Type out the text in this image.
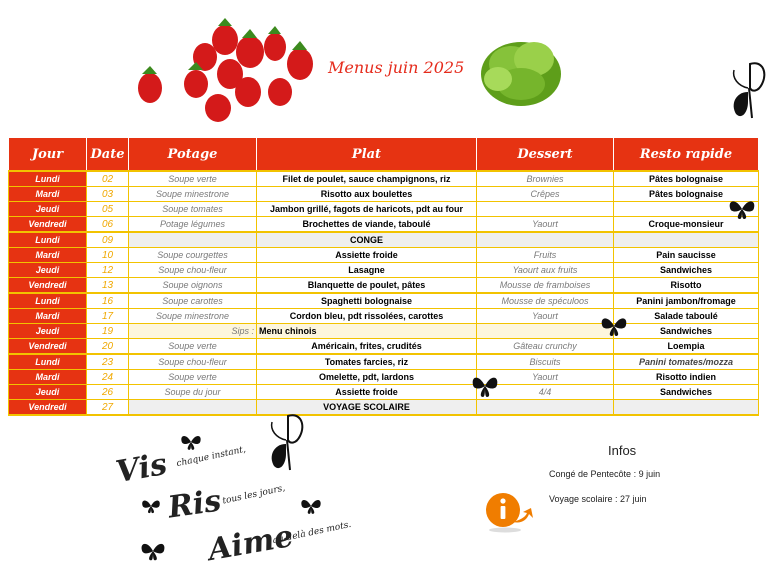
Menus juin 2025
Jour	Date	Potage	Plat	Dessert	Resto rapide
Lundi	02	Soupe verte	Filet de poulet, sauce champignons, riz	Brownies	Pâtes bolognaise
Mardi	03	Soupe minestrone	Risotto aux boulettes	Crêpes	Pâtes bolognaise
Jeudi	05	Soupe tomates	Jambon grillé, fagots de haricots, pdt au four		
Vendredi	06	Potage légumes	Brochettes de viande, taboulé	Yaourt	Croque-monsieur
Lundi	09		CONGE		
Mardi	10	Soupe courgettes	Assiette froide	Fruits	Pain saucisse
Jeudi	12	Soupe chou-fleur	Lasagne	Yaourt aux fruits	Sandwiches
Vendredi	13	Soupe oignons	Blanquette de poulet, pâtes	Mousse de framboises	Risotto
Lundi	16	Soupe carottes	Spaghetti bolognaise	Mousse de spéculoos	Panini jambon/fromage
Mardi	17	Soupe minestrone	Cordon bleu, pdt rissolées, carottes	Yaourt	Salade taboulé
Jeudi	19	Sips :	Menu chinois		Sandwiches
Vendredi	20	Soupe verte	Américain, frites, crudités	Gâteau crunchy	Loempia
Lundi	23	Soupe chou-fleur	Tomates farcies, riz	Biscuits	Panini tomates/mozza
Mardi	24	Soupe verte	Omelette, pdt, lardons	Yaourt	Risotto indien
Jeudi	26	Soupe du jour	Assiette froide	4/4	Sandwiches
Vendredi	27		VOYAGE SCOLAIRE		
Vis chaque instant,
Ris
tous les jours,
Aime
au-delà des mots.
Infos
Congé de Pentecôte : 9 juin
Voyage scolaire : 27 juin
